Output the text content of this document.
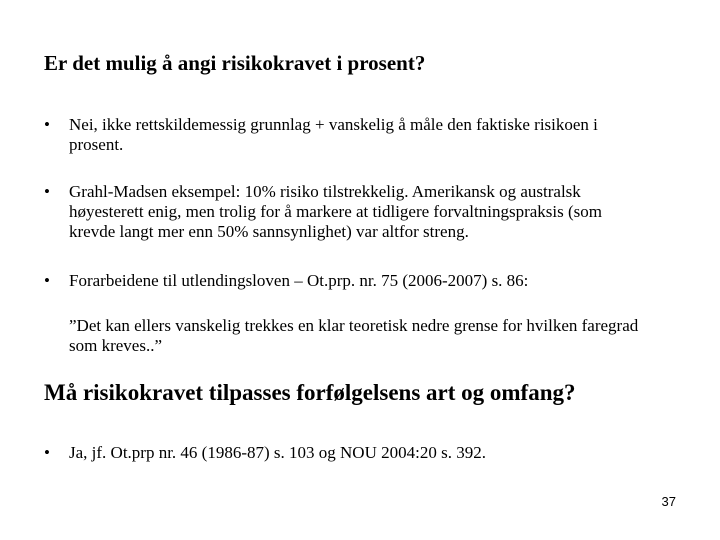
Er det mulig å angi risikokravet i prosent?
•	Nei, ikke rettskildemessig grunnlag + vanskelig å måle den faktiske risikoen i
prosent.
•	Grahl-Madsen eksempel: 10% risiko tilstrekkelig. Amerikansk og australsk
høyesterett enig, men trolig for å markere at tidligere forvaltningspraksis (som
krevde langt mer enn 50% sannsynlighet) var altfor streng.
•	Forarbeidene til utlendingsloven – Ot.prp. nr. 75 (2006-2007) s. 86:
”Det kan ellers vanskelig trekkes en klar teoretisk nedre grense for hvilken faregrad
som kreves..”
Må risikokravet tilpasses forfølgelsens art og omfang?
•	Ja, jf. Ot.prp nr. 46 (1986-87) s. 103 og NOU 2004:20 s. 392.
37
